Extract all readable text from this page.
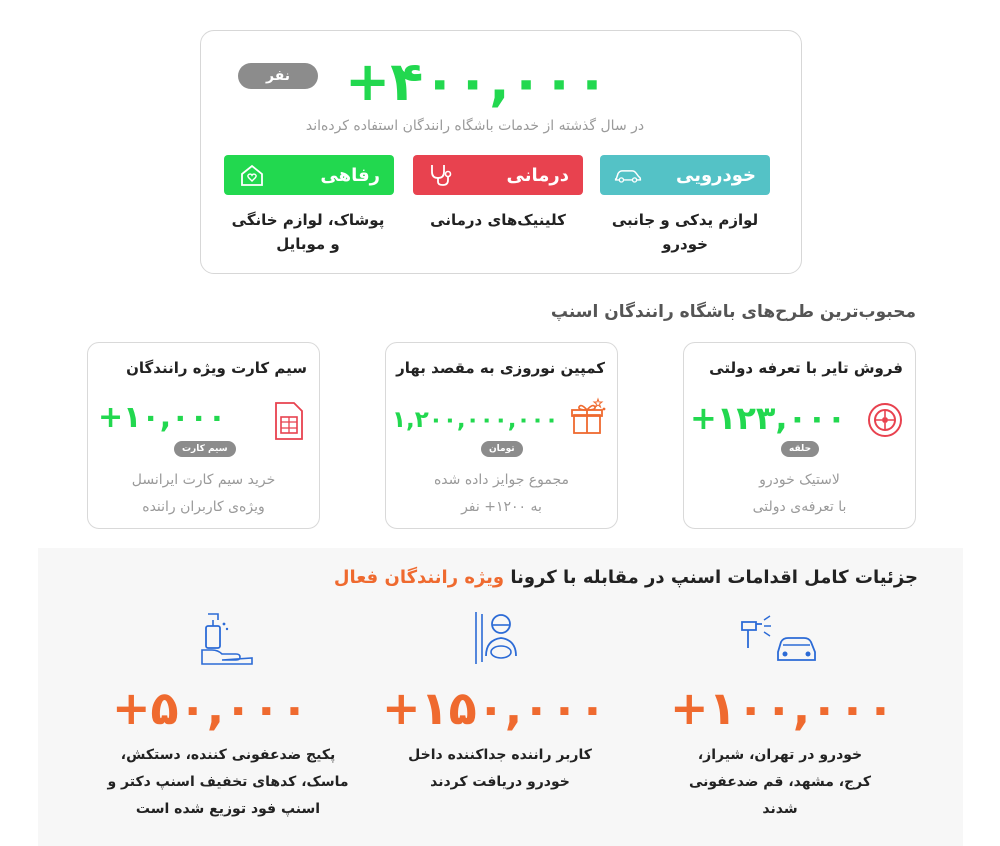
+۴۰۰,۰۰۰
نفر
در سال گذشته از خدمات باشگاه رانندگان استفاده کرده‌اند
خودرویی
درمانی
رفاهی
لوازم یدکی و جانبی
خودرو
کلینیک‌های درمانی
پوشاک، لوازم خانگی
و موبایل
محبوب‌ترین طرح‌های باشگاه رانندگان اسنپ
فروش تایر با تعرفه دولتی
+۱۲۳,۰۰۰
حلقه
لاستیک خودرو
با تعرفه‌ی دولتی
کمپین نوروزی به مقصد بهار
۱,۲۰۰,۰۰۰,۰۰۰
تومان
مجموع جوایز داده شده
به ۱۲۰۰+ نفر
سیم کارت ویژه رانندگان
+۱۰,۰۰۰
سیم کارت
خرید سیم کارت ایرانسل
ویژه‌ی کاربران راننده
جزئیات کامل اقدامات اسنپ در مقابله با کرونا ویژه رانندگان فعال
+۱۰۰,۰۰۰
خودرو در تهران، شیراز،
کرج، مشهد، قم ضدعفونی
شدند
+۱۵۰,۰۰۰
کاربر راننده جداکننده داخل
خودرو دریافت کردند
+۵۰,۰۰۰
پکیج ضدعفونی کننده، دستکش،
ماسک، کدهای تخفیف اسنپ دکتر و
اسنپ فود توزیع شده است
